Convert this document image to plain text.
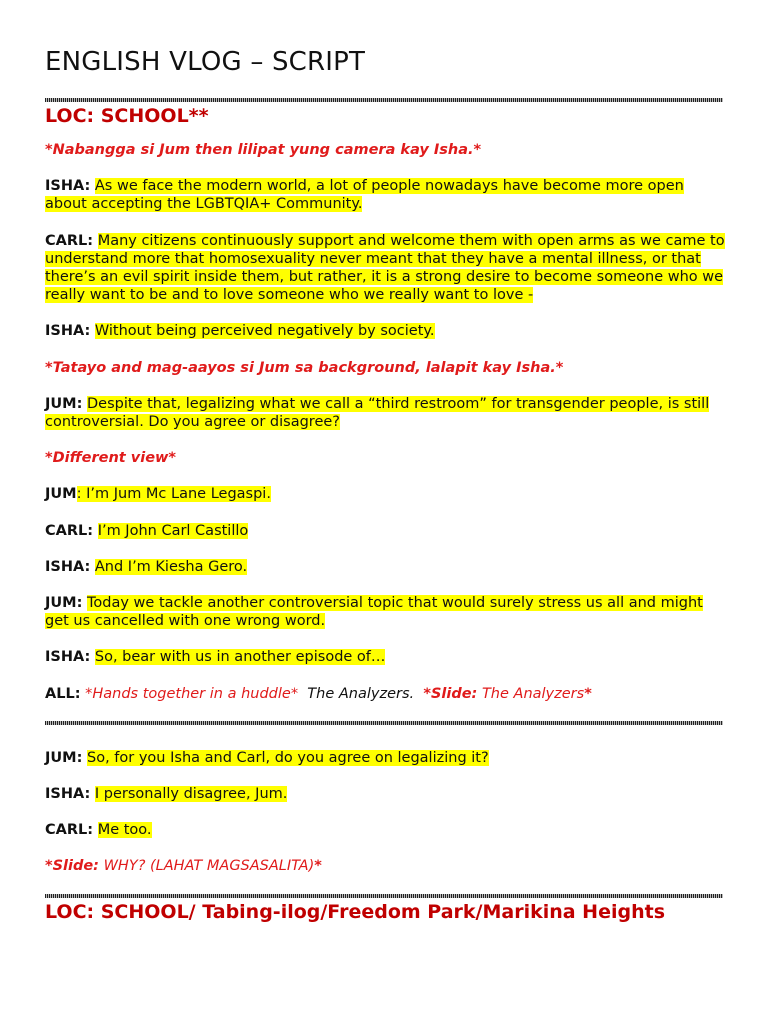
ENGLISH VLOG – SCRIPT
LOC: SCHOOL**
*Nabangga si Jum then lilipat yung camera kay Isha.*
ISHA: As we face the modern world, a lot of people nowadays have become more open about accepting the LGBTQIA+ Community.
CARL: Many citizens continuously support and welcome them with open arms as we came to understand more that homosexuality never meant that they have a mental illness, or that there’s an evil spirit inside them, but rather, it is a strong desire to become someone who we really want to be and to love someone who we really want to love -
ISHA: Without being perceived negatively by society.
*Tatayo and mag-aayos si Jum sa background, lalapit kay Isha.*
JUM: Despite that, legalizing what we call a “third restroom” for transgender people, is still controversial. Do you agree or disagree?
*Different view*
JUM: I’m Jum Mc Lane Legaspi.
CARL: I’m John Carl Castillo
ISHA: And I’m Kiesha Gero.
JUM: Today we tackle another controversial topic that would surely stress us all and might get us cancelled with one wrong word.
ISHA: So, bear with us in another episode of…
ALL: *Hands together in a huddle* The Analyzers. *Slide: The Analyzers*
JUM: So, for you Isha and Carl, do you agree on legalizing it?
ISHA: I personally disagree, Jum.
CARL: Me too.
*Slide: WHY? (LAHAT MAGSASALITA)*
LOC: SCHOOL/ Tabing-ilog/Freedom Park/Marikina Heights
